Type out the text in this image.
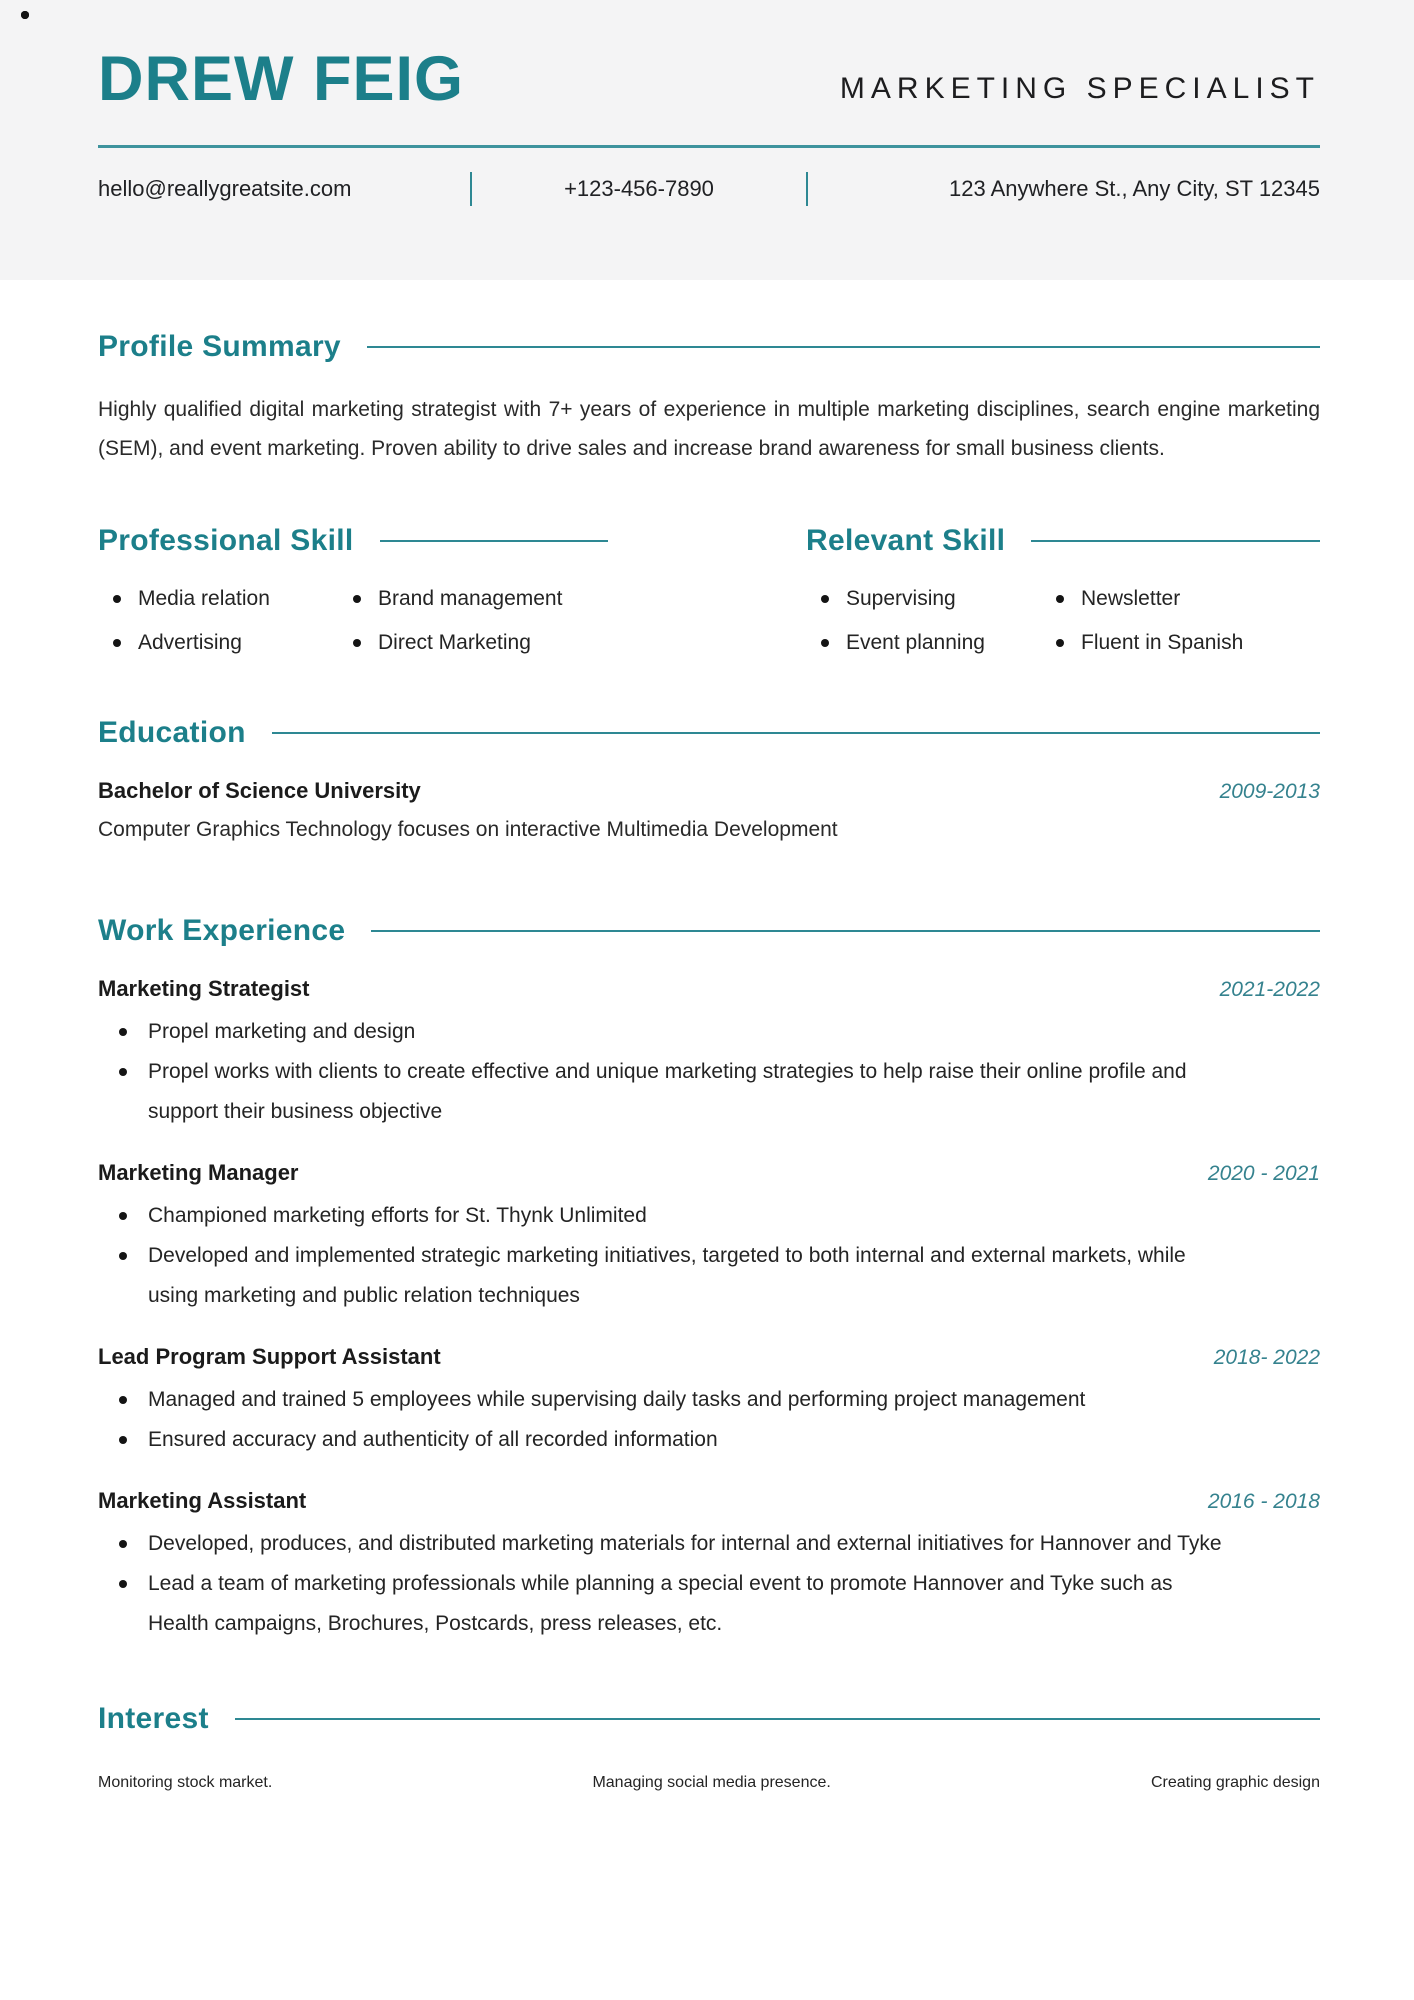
DREW FEIG	MARKETING SPECIALIST
hello@reallygreatsite.com	+123-456-7890	123 Anywhere St., Any City, ST 12345
Profile Summary

Highly qualified digital marketing strategist with 7+ years of experience in multiple marketing disciplines, search engine marketing (SEM), and event marketing. Proven ability to drive sales and increase brand awareness for small business clients.

Professional Skill
Media relation	Brand management
Advertising	Direct Marketing
Relevant Skill
Supervising	Newsletter
Event planning	Fluent in Spanish
Education
Bachelor of Science University	2009-2013

Computer Graphics Technology focuses on interactive Multimedia Development

Work Experience
Marketing Strategist	2021-2022
Propel marketing and design
Propel works with clients to create effective and unique marketing strategies to help raise their online profile and support their business objective
Marketing Manager	2020 - 2021
Championed marketing efforts for St. Thynk Unlimited
Developed and implemented strategic marketing initiatives, targeted to both internal and external markets, while using marketing and public relation techniques
Lead Program Support Assistant	2018- 2022
Managed and trained 5 employees while supervising daily tasks and performing project management
Ensured accuracy and authenticity of all recorded information
Marketing Assistant	2016 - 2018
Developed, produces, and distributed marketing materials for internal and external initiatives for Hannover and Tyke
Lead a team of marketing professionals while planning a special event to promote Hannover and Tyke such as Health campaigns, Brochures, Postcards, press releases, etc.
Interest
Monitoring stock market.	Managing social media presence.	Creating graphic design
